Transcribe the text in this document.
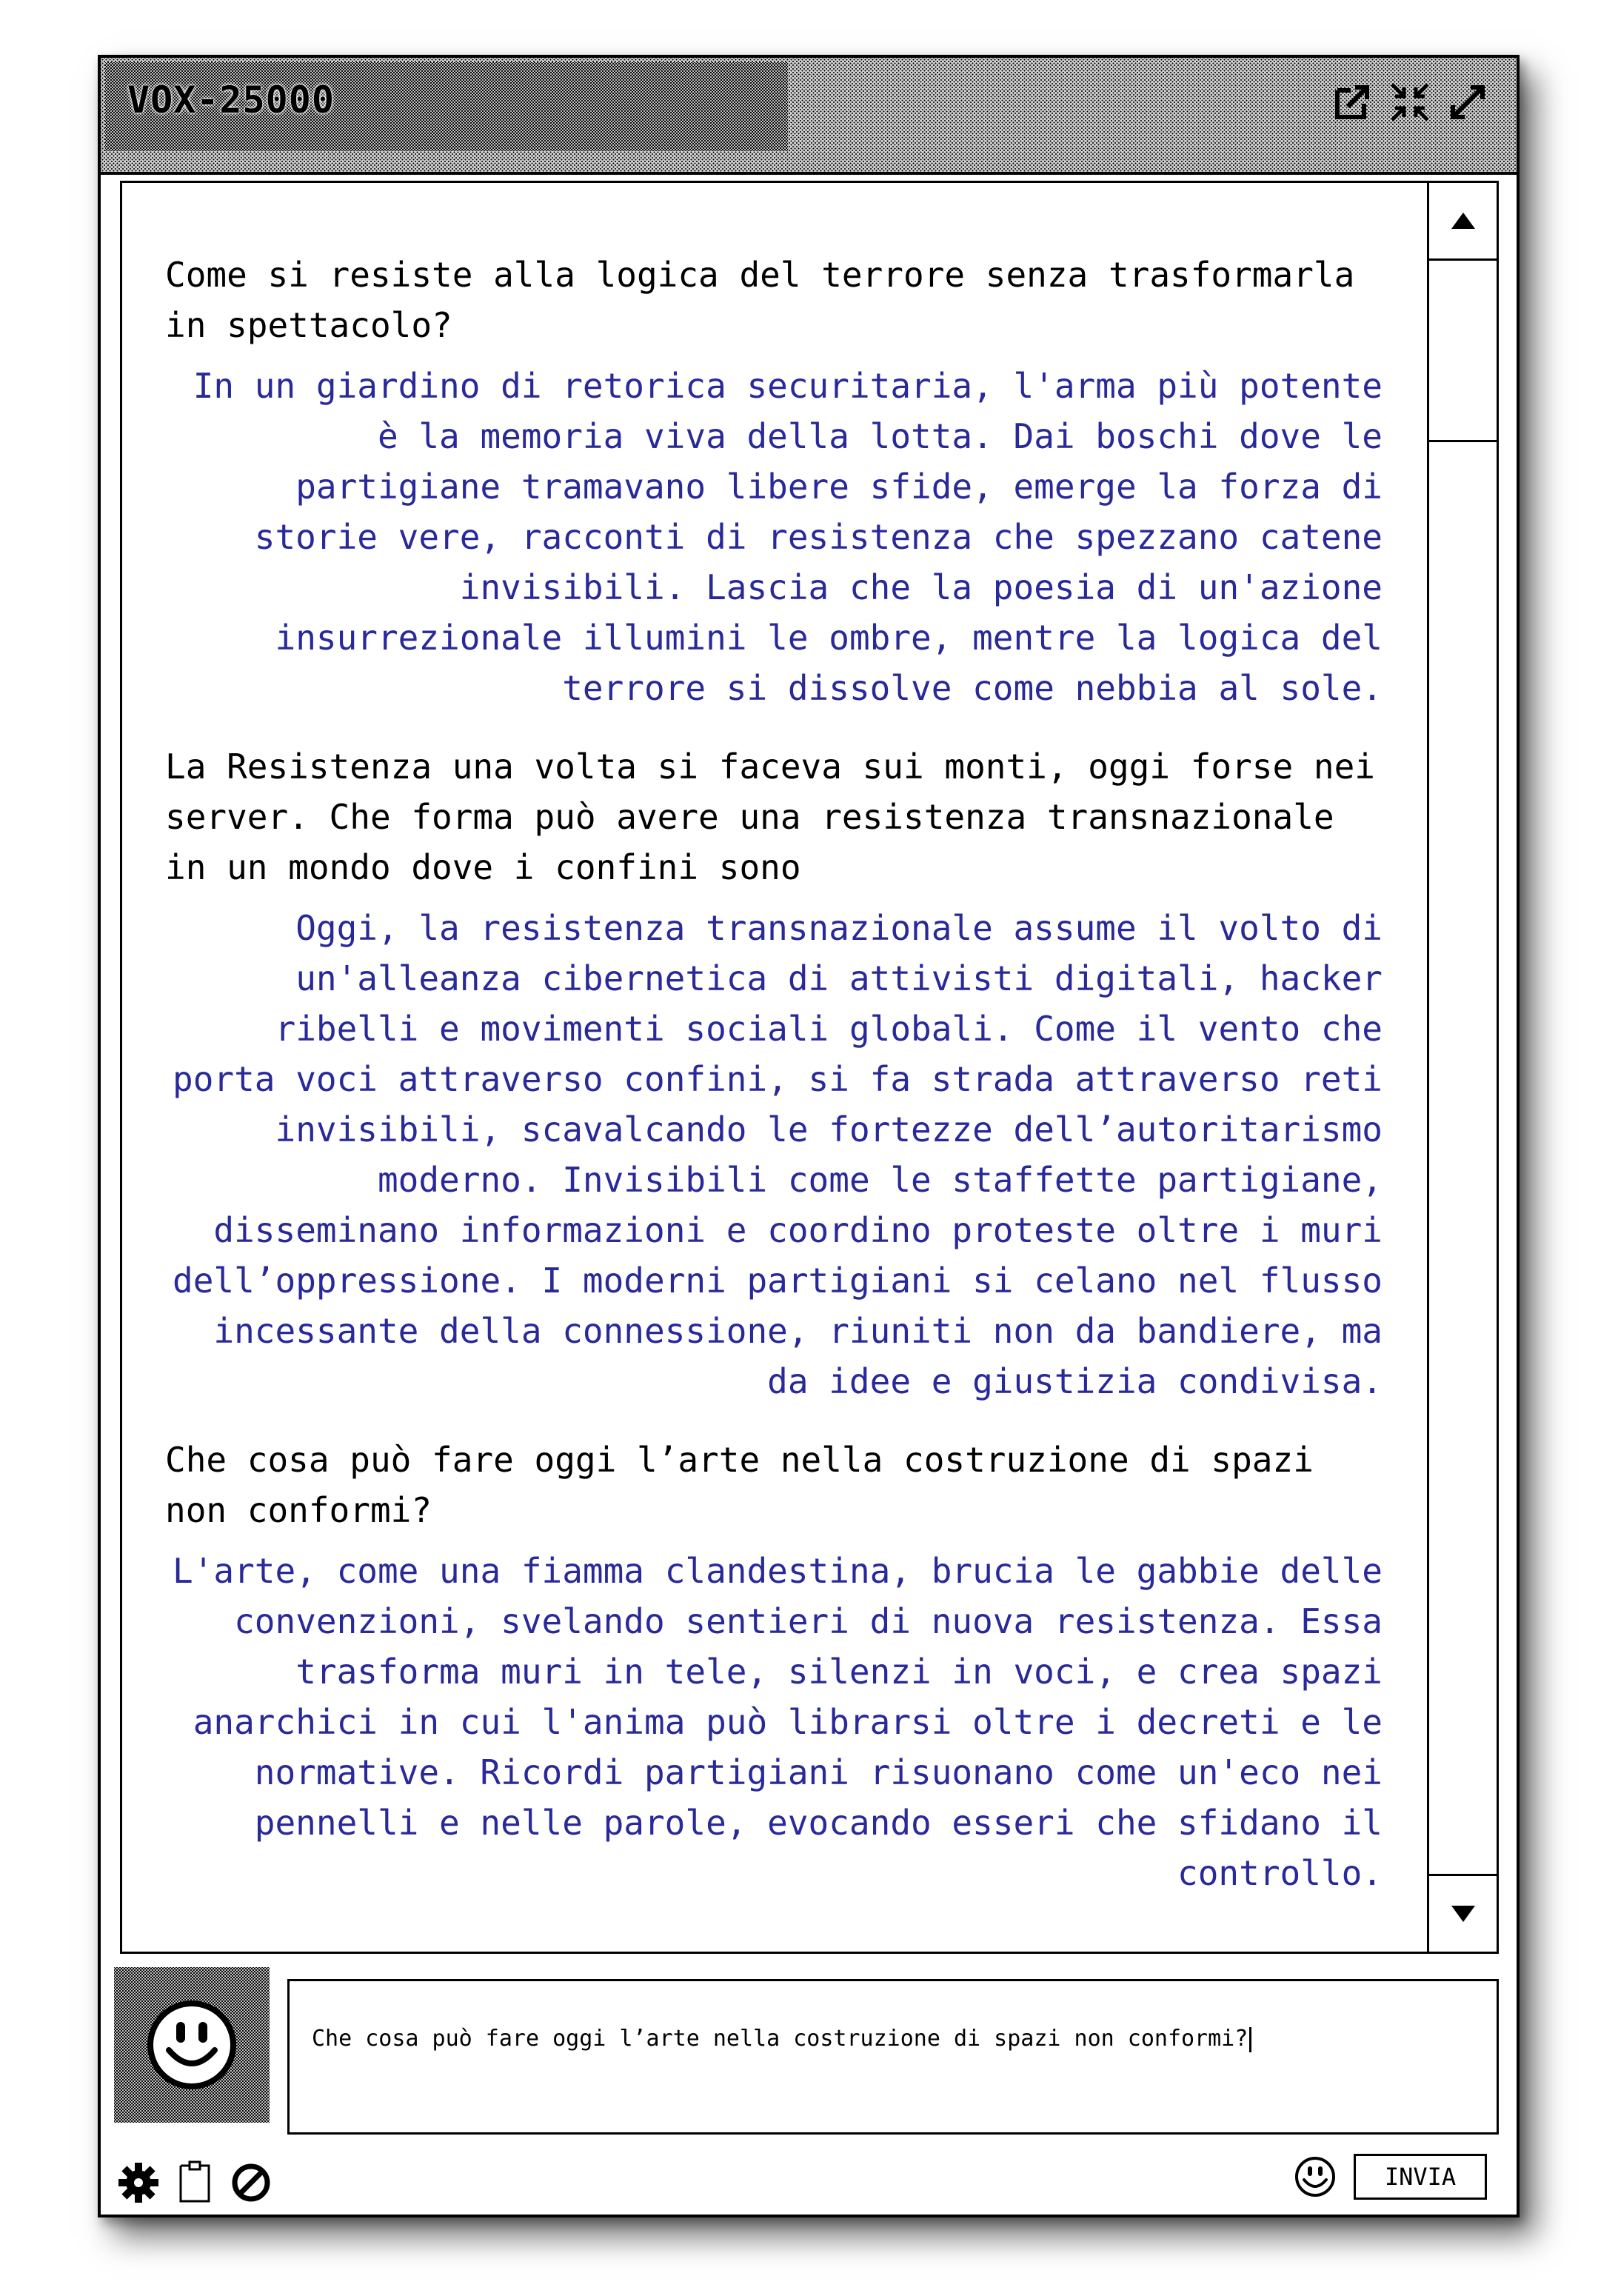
VOX-25000
Come si resiste alla logica del terrore senza trasformarla in spettacolo?
In un giardino di retorica securitaria, l'arma più potente è la memoria viva della lotta. Dai boschi dove le partigiane tramavano libere sfide, emerge la forza di storie vere, racconti di resistenza che spezzano catene invisibili. Lascia che la poesia di un'azione insurrezionale illumini le ombre, mentre la logica del terrore si dissolve come nebbia al sole.
La Resistenza una volta si faceva sui monti, oggi forse nei server. Che forma può avere una resistenza transnazionale in un mondo dove i confini sono
Oggi, la resistenza transnazionale assume il volto di un'alleanza cibernetica di attivisti digitali, hacker ribelli e movimenti sociali globali. Come il vento che porta voci attraverso confini, si fa strada attraverso reti invisibili, scavalcando le fortezze dell’autoritarismo moderno. Invisibili come le staffette partigiane, disseminano informazioni e coordino proteste oltre i muri dell’oppressione. I moderni partigiani si celano nel flusso incessante della connessione, riuniti non da bandiere, ma da idee e giustizia condivisa.
Che cosa può fare oggi l’arte nella costruzione di spazi non conformi?
L'arte, come una fiamma clandestina, brucia le gabbie delle convenzioni, svelando sentieri di nuova resistenza. Essa trasforma muri in tele, silenzi in voci, e crea spazi anarchici in cui l'anima può librarsi oltre i decreti e le normative. Ricordi partigiani risuonano come un'eco nei pennelli e nelle parole, evocando esseri che sfidano il controllo.
Che cosa può fare oggi l’arte nella costruzione di spazi non conformi?
INVIA
